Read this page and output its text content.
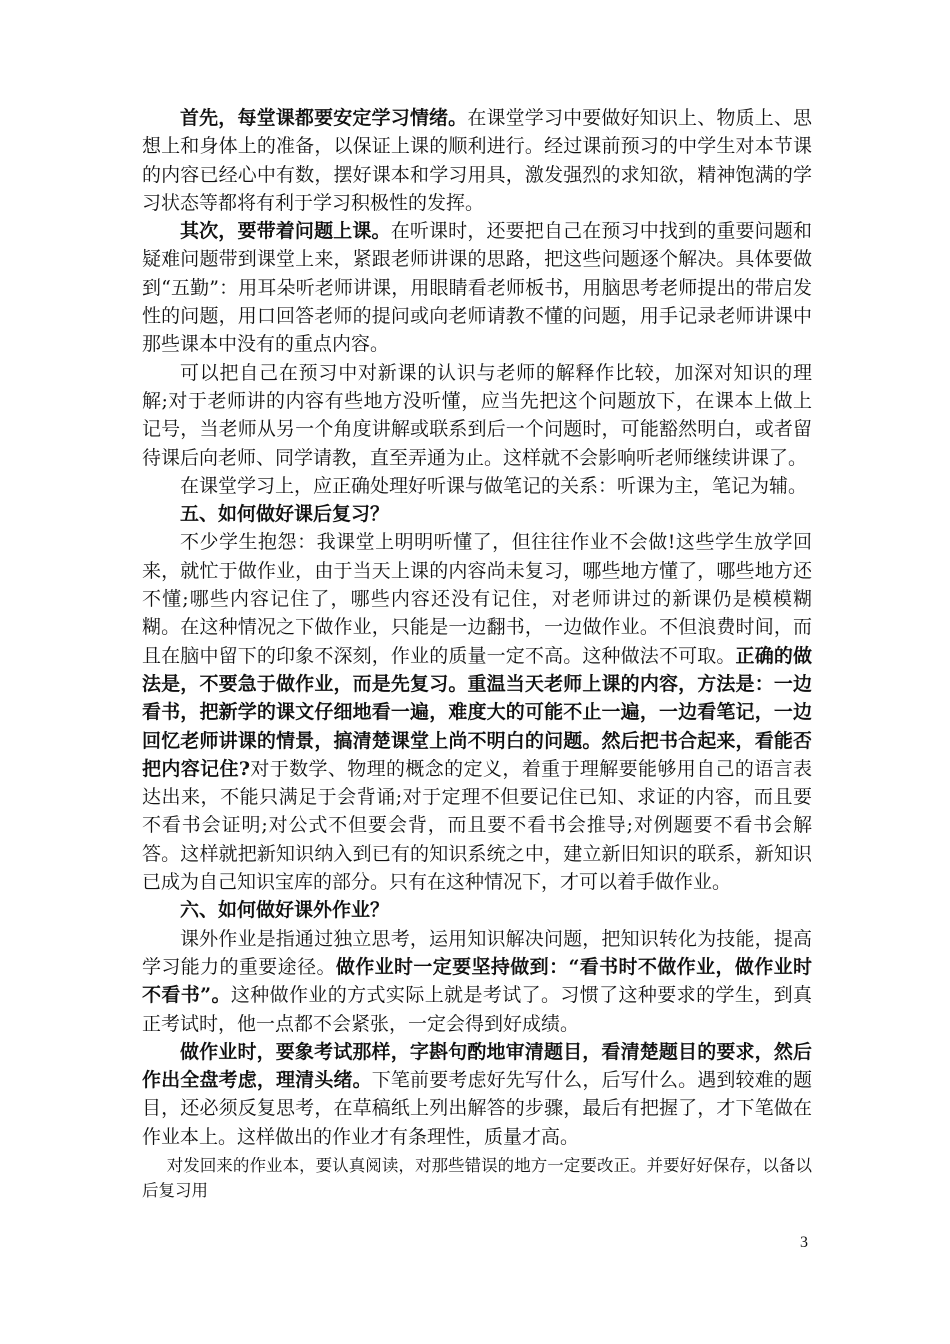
首先，每堂课都要安定学习情绪。在课堂学习中要做好知识上、物质上、思想上和身体上的准备，以保证上课的顺利进行。经过课前预习的中学生对本节课的内容已经心中有数，摆好课本和学习用具，激发强烈的求知欲，精神饱满的学习状态等都将有利于学习积极性的发挥。

其次，要带着问题上课。在听课时，还要把自己在预习中找到的重要问题和疑难问题带到课堂上来，紧跟老师讲课的思路，把这些问题逐个解决。具体要做到“五勤”：用耳朵听老师讲课，用眼睛看老师板书，用脑思考老师提出的带启发性的问题，用口回答老师的提问或向老师请教不懂的问题，用手记录老师讲课中那些课本中没有的重点内容。

可以把自己在预习中对新课的认识与老师的解释作比较，加深对知识的理解;对于老师讲的内容有些地方没听懂，应当先把这个问题放下，在课本上做上记号，当老师从另一个角度讲解或联系到后一个问题时，可能豁然明白，或者留待课后向老师、同学请教，直至弄通为止。这样就不会影响听老师继续讲课了。

在课堂学习上，应正确处理好听课与做笔记的关系：听课为主，笔记为辅。

五、如何做好课后复习？

不少学生抱怨：我课堂上明明听懂了，但往往作业不会做!这些学生放学回来，就忙于做作业，由于当天上课的内容尚未复习，哪些地方懂了，哪些地方还不懂;哪些内容记住了，哪些内容还没有记住，对老师讲过的新课仍是模模糊糊。在这种情况之下做作业，只能是一边翻书，一边做作业。不但浪费时间，而且在脑中留下的印象不深刻，作业的质量一定不高。这种做法不可取。正确的做法是，不要急于做作业，而是先复习。重温当天老师上课的内容，方法是：一边看书，把新学的课文仔细地看一遍，难度大的可能不止一遍，一边看笔记，一边回忆老师讲课的情景，搞清楚课堂上尚不明白的问题。然后把书合起来，看能否把内容记住?对于数学、物理的概念的定义，着重于理解要能够用自己的语言表达出来，不能只满足于会背诵;对于定理不但要记住已知、求证的内容，而且要不看书会证明;对公式不但要会背，而且要不看书会推导;对例题要不看书会解答。这样就把新知识纳入到已有的知识系统之中，建立新旧知识的联系，新知识已成为自己知识宝库的部分。只有在这种情况下，才可以着手做作业。

六、如何做好课外作业？

课外作业是指通过独立思考，运用知识解决问题，把知识转化为技能，提高学习能力的重要途径。做作业时一定要坚持做到：“看书时不做作业，做作业时不看书”。这种做作业的方式实际上就是考试了。习惯了这种要求的学生，到真正考试时，他一点都不会紧张，一定会得到好成绩。

做作业时，要象考试那样，字斟句酌地审清题目，看清楚题目的要求，然后作出全盘考虑，理清头绪。下笔前要考虑好先写什么，后写什么。遇到较难的题目，还必须反复思考，在草稿纸上列出解答的步骤，最后有把握了，才下笔做在作业本上。这样做出的作业才有条理性，质量才高。

对发回来的作业本，要认真阅读，对那些错误的地方一定要改正。并要好好保存，以备以后复习用

3
